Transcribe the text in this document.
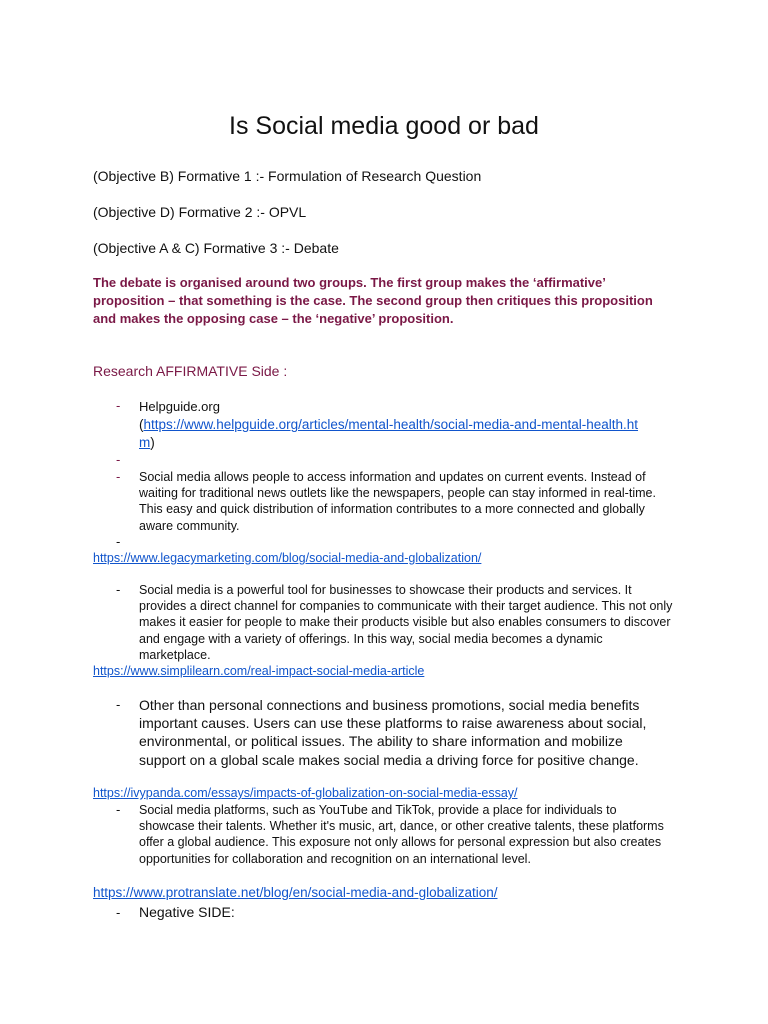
Is Social media good or bad
(Objective B) Formative 1 :- Formulation of Research Question
(Objective D) Formative 2 :- OPVL
(Objective A & C) Formative 3 :- Debate
The debate is organised around two groups. The first group makes the ‘affirmative’ proposition – that something is the case. The second group then critiques this proposition and makes the opposing case – the ‘negative’ proposition.
Research AFFIRMATIVE Side :
- Helpguide.org
(https://www.helpguide.org/articles/mental-health/social-media-and-mental-health.ht
m)
-
- Social media allows people to access information and updates on current events. Instead of waiting for traditional news outlets like the newspapers, people can stay informed in real-time. This easy and quick distribution of information contributes to a more connected and globally aware community.
-
https://www.legacymarketing.com/blog/social-media-and-globalization/
- Social media is a powerful tool for businesses to showcase their products and services. It provides a direct channel for companies to communicate with their target audience. This not only makes it easier for people to make their products visible but also enables consumers to discover and engage with a variety of offerings. In this way, social media becomes a dynamic marketplace.
https://www.simplilearn.com/real-impact-social-media-article
- Other than personal connections and business promotions, social media benefits important causes. Users can use these platforms to raise awareness about social, environmental, or political issues. The ability to share information and mobilize support on a global scale makes social media a driving force for positive change.
https://ivypanda.com/essays/impacts-of-globalization-on-social-media-essay/
- Social media platforms, such as YouTube and TikTok, provide a place for individuals to showcase their talents. Whether it's music, art, dance, or other creative talents, these platforms offer a global audience. This exposure not only allows for personal expression but also creates opportunities for collaboration and recognition on an international level.
https://www.protranslate.net/blog/en/social-media-and-globalization/
- Negative SIDE:
